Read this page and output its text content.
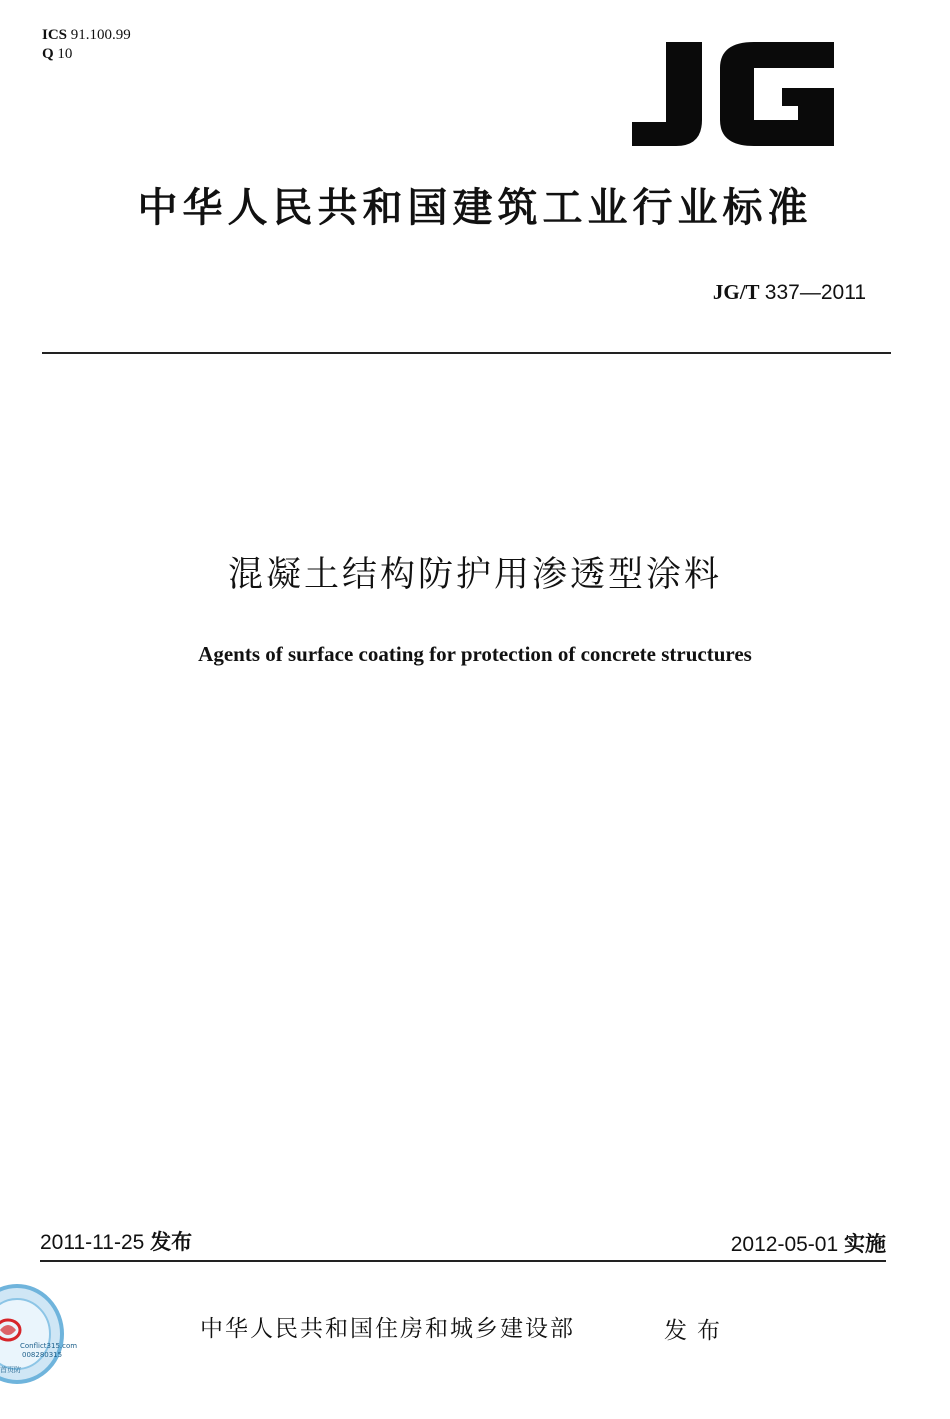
ICS 91.100.99
Q 10
中华人民共和国建筑工业行业标准
JG/T 337—2011
混凝土结构防护用渗透型涂料
Agents of surface coating for protection of concrete structures
2011-11-25 发布	2012-05-01 实施
中华人民共和国住房和城乡建设部	发布
Conflict315.com
008280315
首页防
